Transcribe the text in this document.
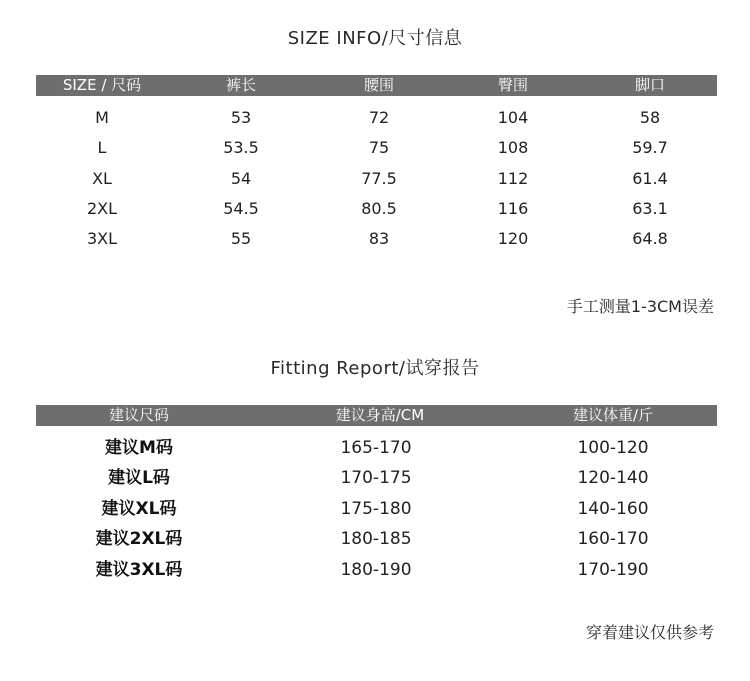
SIZE INFO/尺寸信息
SIZE / 尺码	裤长	腰围	臀围	脚口
M	53	72	104	58
L	53.5	75	108	59.7
XL	54	77.5	112	61.4
2XL	54.5	80.5	116	63.1
3XL	55	83	120	64.8
手工测量1-3CM误差
Fitting Report/试穿报告
建议尺码	建议身高/CM	建议体重/斤
建议M码	165-170	100-120
建议L码	170-175	120-140
建议XL码	175-180	140-160
建议2XL码	180-185	160-170
建议3XL码	180-190	170-190
穿着建议仅供参考
